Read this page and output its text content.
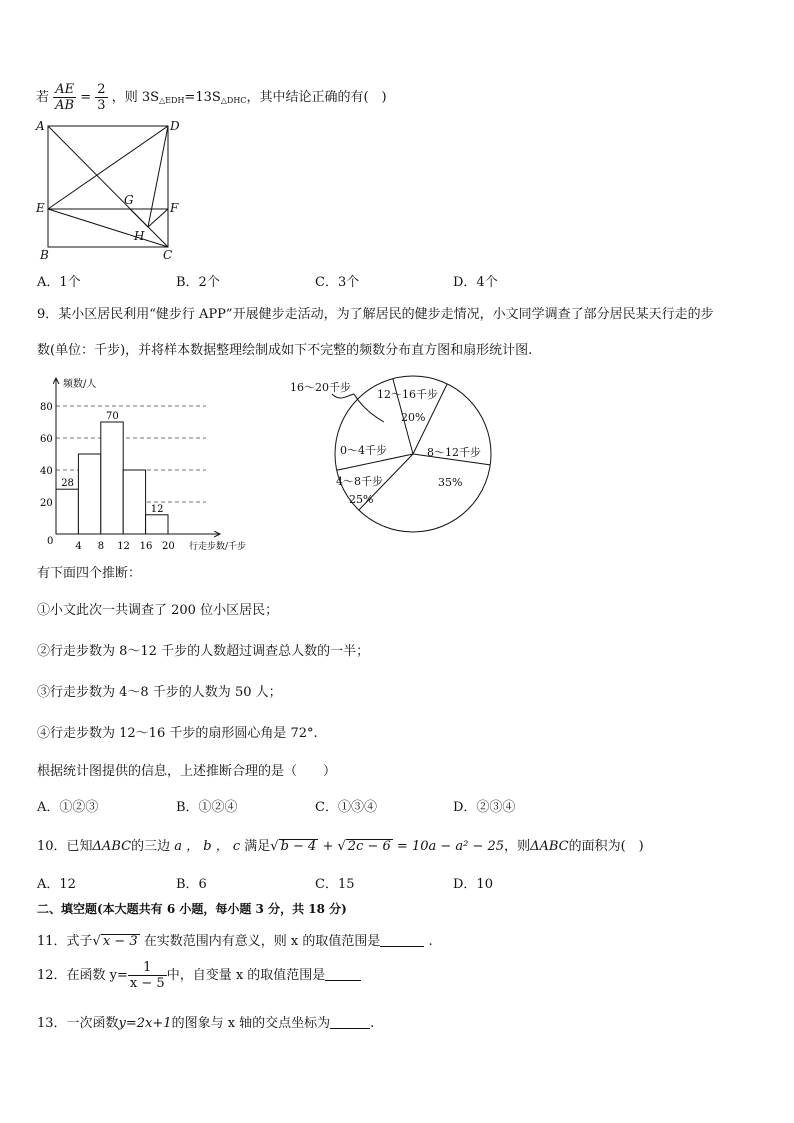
若 $\frac{AE}{AB} = \frac{2}{3}$ ，则 $3S_{\triangle EDH}=13S_{\triangle DHC}$，其中结论正确的有(　)
A	D
E	F
G
H
B	C
A．1个	B．2个	C．3个	D．4个
9．某小区居民利用“健步行 APP”开展健步走活动，为了解居民的健步走情况，小文同学调查了部分居民某天行走的步
数(单位：千步)，并将样本数据整理绘制成如下不完整的频数分布直方图和扇形统计图.
28
70
12
频数/人
行走步数/千步
0
20
40
60
80
4 8 12 16 20
16～20千步
12～16千步
20%
8～12千步
35%
0～4千步
4～8千步
25%
有下面四个推断：
①小文此次一共调查了 200 位小区居民；
②行走步数为 8～12 千步的人数超过调查总人数的一半；
③行走步数为 4～8 千步的人数为 50 人；
④行走步数为 12～16 千步的扇形圆心角是 72°.
根据统计图提供的信息，上述推断合理的是（　　）
A．①②③	B．①②④	C．①③④	D．②③④
10．已知ΔABC的三边 a ， b ， c 满足√ b − 4 + √ 2c − 6 = 10a − a² − 25，则ΔABC的面积为(　)
A．12	B．6	C．15	D．10
二、填空题(本大题共有 6 小题，每小题 3 分，共 18 分)
11．式子√ x − 3 在实数范围内有意义，则 x 的取值范围是	.
12．在函数 $y= \frac{1}{x - 5}$ 中，自变量 x 的取值范围是
13．一次函数y=2x+1的图象与 x 轴的交点坐标为	.
